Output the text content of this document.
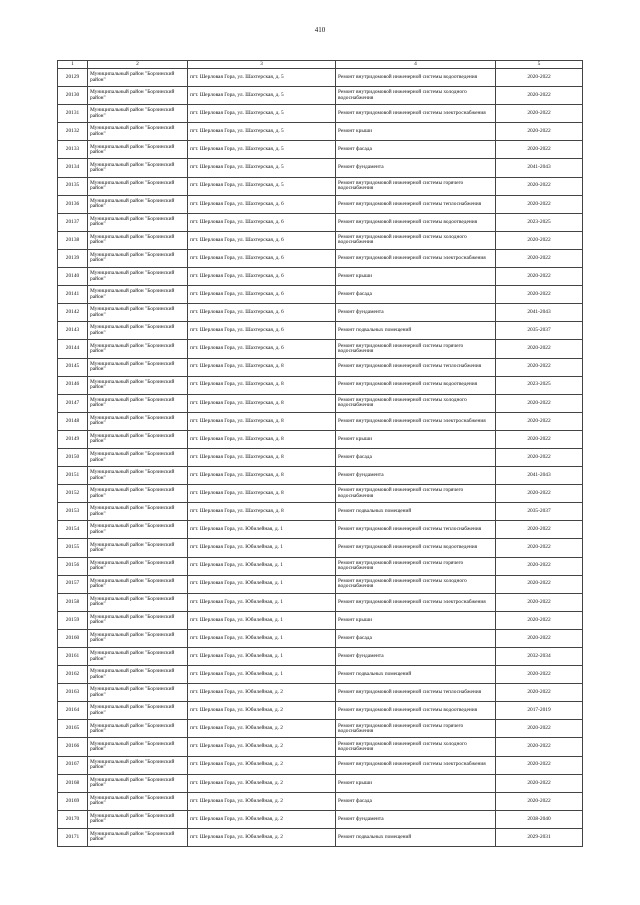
410
1	2	3	4	5
20129	Муниципальный район "Борзинский район"	пгт. Шерловая Гора, ул. Шахтерская, д. 5	Ремонт внутридомовой инженерной системы водоотведения	2020-2022
20130	Муниципальный район "Борзинский район"	пгт. Шерловая Гора, ул. Шахтерская, д. 5	Ремонт внутридомовой инженерной системы холодного водоснабжения	2020-2022
20131	Муниципальный район "Борзинский район"	пгт. Шерловая Гора, ул. Шахтерская, д. 5	Ремонт внутридомовой инженерной системы электроснабжения	2020-2022
20132	Муниципальный район "Борзинский район"	пгт. Шерловая Гора, ул. Шахтерская, д. 5	Ремонт крыши	2020-2022
20133	Муниципальный район "Борзинский район"	пгт. Шерловая Гора, ул. Шахтерская, д. 5	Ремонт фасада	2020-2022
20134	Муниципальный район "Борзинский район"	пгт. Шерловая Гора, ул. Шахтерская, д. 5	Ремонт фундамента	2041-2043
20135	Муниципальный район "Борзинский район"	пгт. Шерловая Гора, ул. Шахтерская, д. 5	Ремонт внутридомовой инженерной системы горячего водоснабжения	2020-2022
20136	Муниципальный район "Борзинский район"	пгт. Шерловая Гора, ул. Шахтерская, д. 6	Ремонт внутридомовой инженерной системы теплоснабжения	2020-2022
20137	Муниципальный район "Борзинский район"	пгт. Шерловая Гора, ул. Шахтерская, д. 6	Ремонт внутридомовой инженерной системы водоотведения	2023-2025
20138	Муниципальный район "Борзинский район"	пгт. Шерловая Гора, ул. Шахтерская, д. 6	Ремонт внутридомовой инженерной системы холодного водоснабжения	2020-2022
20139	Муниципальный район "Борзинский район"	пгт. Шерловая Гора, ул. Шахтерская, д. 6	Ремонт внутридомовой инженерной системы электроснабжения	2020-2022
20140	Муниципальный район "Борзинский район"	пгт. Шерловая Гора, ул. Шахтерская, д. 6	Ремонт крыши	2020-2022
20141	Муниципальный район "Борзинский район"	пгт. Шерловая Гора, ул. Шахтерская, д. 6	Ремонт фасада	2020-2022
20142	Муниципальный район "Борзинский район"	пгт. Шерловая Гора, ул. Шахтерская, д. 6	Ремонт фундамента	2041-2043
20143	Муниципальный район "Борзинский район"	пгт. Шерловая Гора, ул. Шахтерская, д. 6	Ремонт подвальных помещений	2035-2037
20144	Муниципальный район "Борзинский район"	пгт. Шерловая Гора, ул. Шахтерская, д. 6	Ремонт внутридомовой инженерной системы горячего водоснабжения	2020-2022
20145	Муниципальный район "Борзинский район"	пгт. Шерловая Гора, ул. Шахтерская, д. 8	Ремонт внутридомовой инженерной системы теплоснабжения	2020-2022
20146	Муниципальный район "Борзинский район"	пгт. Шерловая Гора, ул. Шахтерская, д. 8	Ремонт внутридомовой инженерной системы водоотведения	2023-2025
20147	Муниципальный район "Борзинский район"	пгт. Шерловая Гора, ул. Шахтерская, д. 8	Ремонт внутридомовой инженерной системы холодного водоснабжения	2020-2022
20148	Муниципальный район "Борзинский район"	пгт. Шерловая Гора, ул. Шахтерская, д. 8	Ремонт внутридомовой инженерной системы электроснабжения	2020-2022
20149	Муниципальный район "Борзинский район"	пгт. Шерловая Гора, ул. Шахтерская, д. 8	Ремонт крыши	2020-2022
20150	Муниципальный район "Борзинский район"	пгт. Шерловая Гора, ул. Шахтерская, д. 8	Ремонт фасада	2020-2022
20151	Муниципальный район "Борзинский район"	пгт. Шерловая Гора, ул. Шахтерская, д. 8	Ремонт фундамента	2041-2043
20152	Муниципальный район "Борзинский район"	пгт. Шерловая Гора, ул. Шахтерская, д. 8	Ремонт внутридомовой инженерной системы горячего водоснабжения	2020-2022
20153	Муниципальный район "Борзинский район"	пгт. Шерловая Гора, ул. Шахтерская, д. 8	Ремонт подвальных помещений	2035-2037
20154	Муниципальный район "Борзинский район"	пгт. Шерловая Гора, ул. Юбилейная, д. 1	Ремонт внутридомовой инженерной системы теплоснабжения	2020-2022
20155	Муниципальный район "Борзинский район"	пгт. Шерловая Гора, ул. Юбилейная, д. 1	Ремонт внутридомовой инженерной системы водоотведения	2020-2022
20156	Муниципальный район "Борзинский район"	пгт. Шерловая Гора, ул. Юбилейная, д. 1	Ремонт внутридомовой инженерной системы горячего водоснабжения	2020-2022
20157	Муниципальный район "Борзинский район"	пгт. Шерловая Гора, ул. Юбилейная, д. 1	Ремонт внутридомовой инженерной системы холодного водоснабжения	2020-2022
20158	Муниципальный район "Борзинский район"	пгт. Шерловая Гора, ул. Юбилейная, д. 1	Ремонт внутридомовой инженерной системы электроснабжения	2020-2022
20159	Муниципальный район "Борзинский район"	пгт. Шерловая Гора, ул. Юбилейная, д. 1	Ремонт крыши	2020-2022
20160	Муниципальный район "Борзинский район"	пгт. Шерловая Гора, ул. Юбилейная, д. 1	Ремонт фасада	2020-2022
20161	Муниципальный район "Борзинский район"	пгт. Шерловая Гора, ул. Юбилейная, д. 1	Ремонт фундамента	2032-2034
20162	Муниципальный район "Борзинский район"	пгт. Шерловая Гора, ул. Юбилейная, д. 1	Ремонт подвальных помещений	2020-2022
20163	Муниципальный район "Борзинский район"	пгт. Шерловая Гора, ул. Юбилейная, д. 2	Ремонт внутридомовой инженерной системы теплоснабжения	2020-2022
20164	Муниципальный район "Борзинский район"	пгт. Шерловая Гора, ул. Юбилейная, д. 2	Ремонт внутридомовой инженерной системы водоотведения	2017-2019
20165	Муниципальный район "Борзинский район"	пгт. Шерловая Гора, ул. Юбилейная, д. 2	Ремонт внутридомовой инженерной системы горячего водоснабжения	2020-2022
20166	Муниципальный район "Борзинский район"	пгт. Шерловая Гора, ул. Юбилейная, д. 2	Ремонт внутридомовой инженерной системы холодного водоснабжения	2020-2022
20167	Муниципальный район "Борзинский район"	пгт. Шерловая Гора, ул. Юбилейная, д. 2	Ремонт внутридомовой инженерной системы электроснабжения	2020-2022
20168	Муниципальный район "Борзинский район"	пгт. Шерловая Гора, ул. Юбилейная, д. 2	Ремонт крыши	2020-2022
20169	Муниципальный район "Борзинский район"	пгт. Шерловая Гора, ул. Юбилейная, д. 2	Ремонт фасада	2020-2022
20170	Муниципальный район "Борзинский район"	пгт. Шерловая Гора, ул. Юбилейная, д. 2	Ремонт фундамента	2038-2040
20171	Муниципальный район "Борзинский район"	пгт. Шерловая Гора, ул. Юбилейная, д. 2	Ремонт подвальных помещений	2029-2031
